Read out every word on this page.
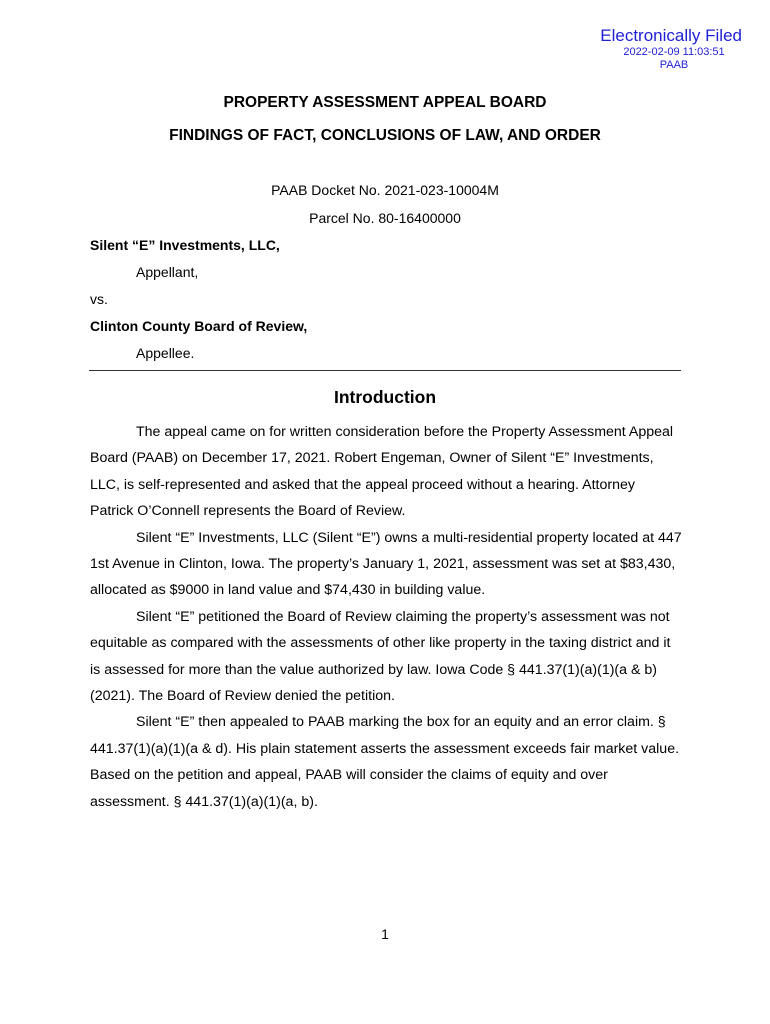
Electronically Filed
2022-02-09 11:03:51
PAAB
PROPERTY ASSESSMENT APPEAL BOARD
FINDINGS OF FACT, CONCLUSIONS OF LAW, AND ORDER
PAAB Docket No. 2021-023-10004M
Parcel No. 80-16400000
Silent “E” Investments, LLC,
Appellant,
vs.
Clinton County Board of Review,
Appellee.
Introduction

The appeal came on for written consideration before the Property Assessment Appeal Board (PAAB) on December 17, 2021. Robert Engeman, Owner of Silent “E” Investments, LLC, is self-represented and asked that the appeal proceed without a hearing. Attorney Patrick O’Connell represents the Board of Review.

Silent “E” Investments, LLC (Silent “E”) owns a multi-residential property located at 447 1st Avenue in Clinton, Iowa. The property’s January 1, 2021, assessment was set at $83,430, allocated as $9000 in land value and $74,430 in building value.

Silent “E” petitioned the Board of Review claiming the property’s assessment was not equitable as compared with the assessments of other like property in the taxing district and it is assessed for more than the value authorized by law. Iowa Code § 441.37(1)(a)(1)(a & b) (2021). The Board of Review denied the petition.

Silent “E” then appealed to PAAB marking the box for an equity and an error claim. § 441.37(1)(a)(1)(a & d). His plain statement asserts the assessment exceeds fair market value. Based on the petition and appeal, PAAB will consider the claims of equity and over assessment. § 441.37(1)(a)(1)(a, b).

1
